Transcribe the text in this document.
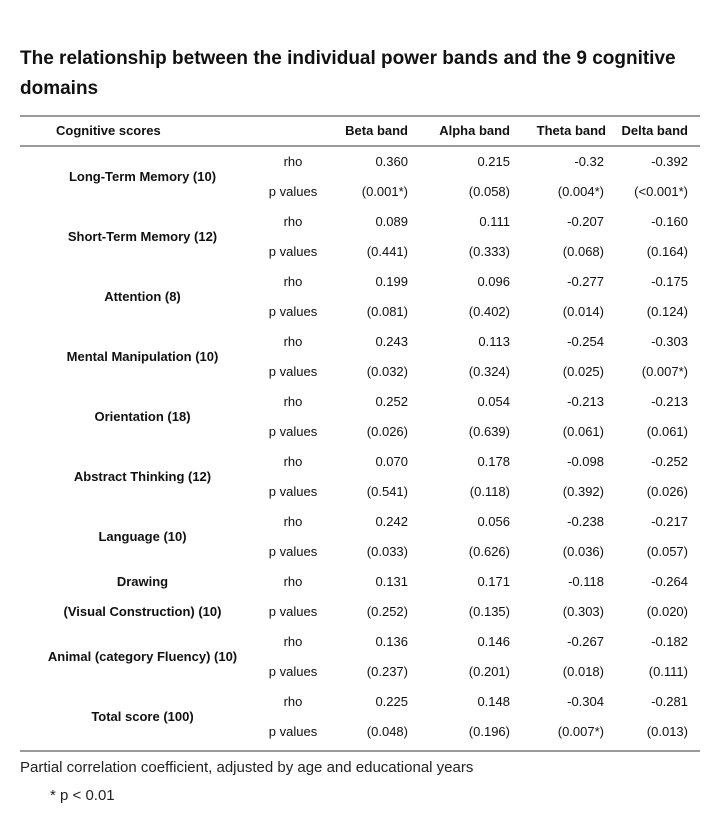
The relationship between the individual power bands and the 9 cognitive domains
Cognitive scores	Beta band	Alpha band	Theta band	Delta band
Long-Term Memory (10)
rho	0.360	0.215	-0.32	-0.392
p values	(0.001*)	(0.058)	(0.004*)	(<0.001*)
Short-Term Memory (12)
rho	0.089	0.111	-0.207	-0.160
p values	(0.441)	(0.333)	(0.068)	(0.164)
Attention (8)
rho	0.199	0.096	-0.277	-0.175
p values	(0.081)	(0.402)	(0.014)	(0.124)
Mental Manipulation (10)
rho	0.243	0.113	-0.254	-0.303
p values	(0.032)	(0.324)	(0.025)	(0.007*)
Orientation (18)
rho	0.252	0.054	-0.213	-0.213
p values	(0.026)	(0.639)	(0.061)	(0.061)
Abstract Thinking (12)
rho	0.070	0.178	-0.098	-0.252
p values	(0.541)	(0.118)	(0.392)	(0.026)
Language (10)
rho	0.242	0.056	-0.238	-0.217
p values	(0.033)	(0.626)	(0.036)	(0.057)
Drawing
(Visual Construction) (10)
rho	0.131	0.171	-0.118	-0.264
p values	(0.252)	(0.135)	(0.303)	(0.020)
Animal (category Fluency) (10)
rho	0.136	0.146	-0.267	-0.182
p values	(0.237)	(0.201)	(0.018)	(0.111)
Total score (100)
rho	0.225	0.148	-0.304	-0.281
p values	(0.048)	(0.196)	(0.007*)	(0.013)
Partial correlation coefficient, adjusted by age and educational years
* p < 0.01
